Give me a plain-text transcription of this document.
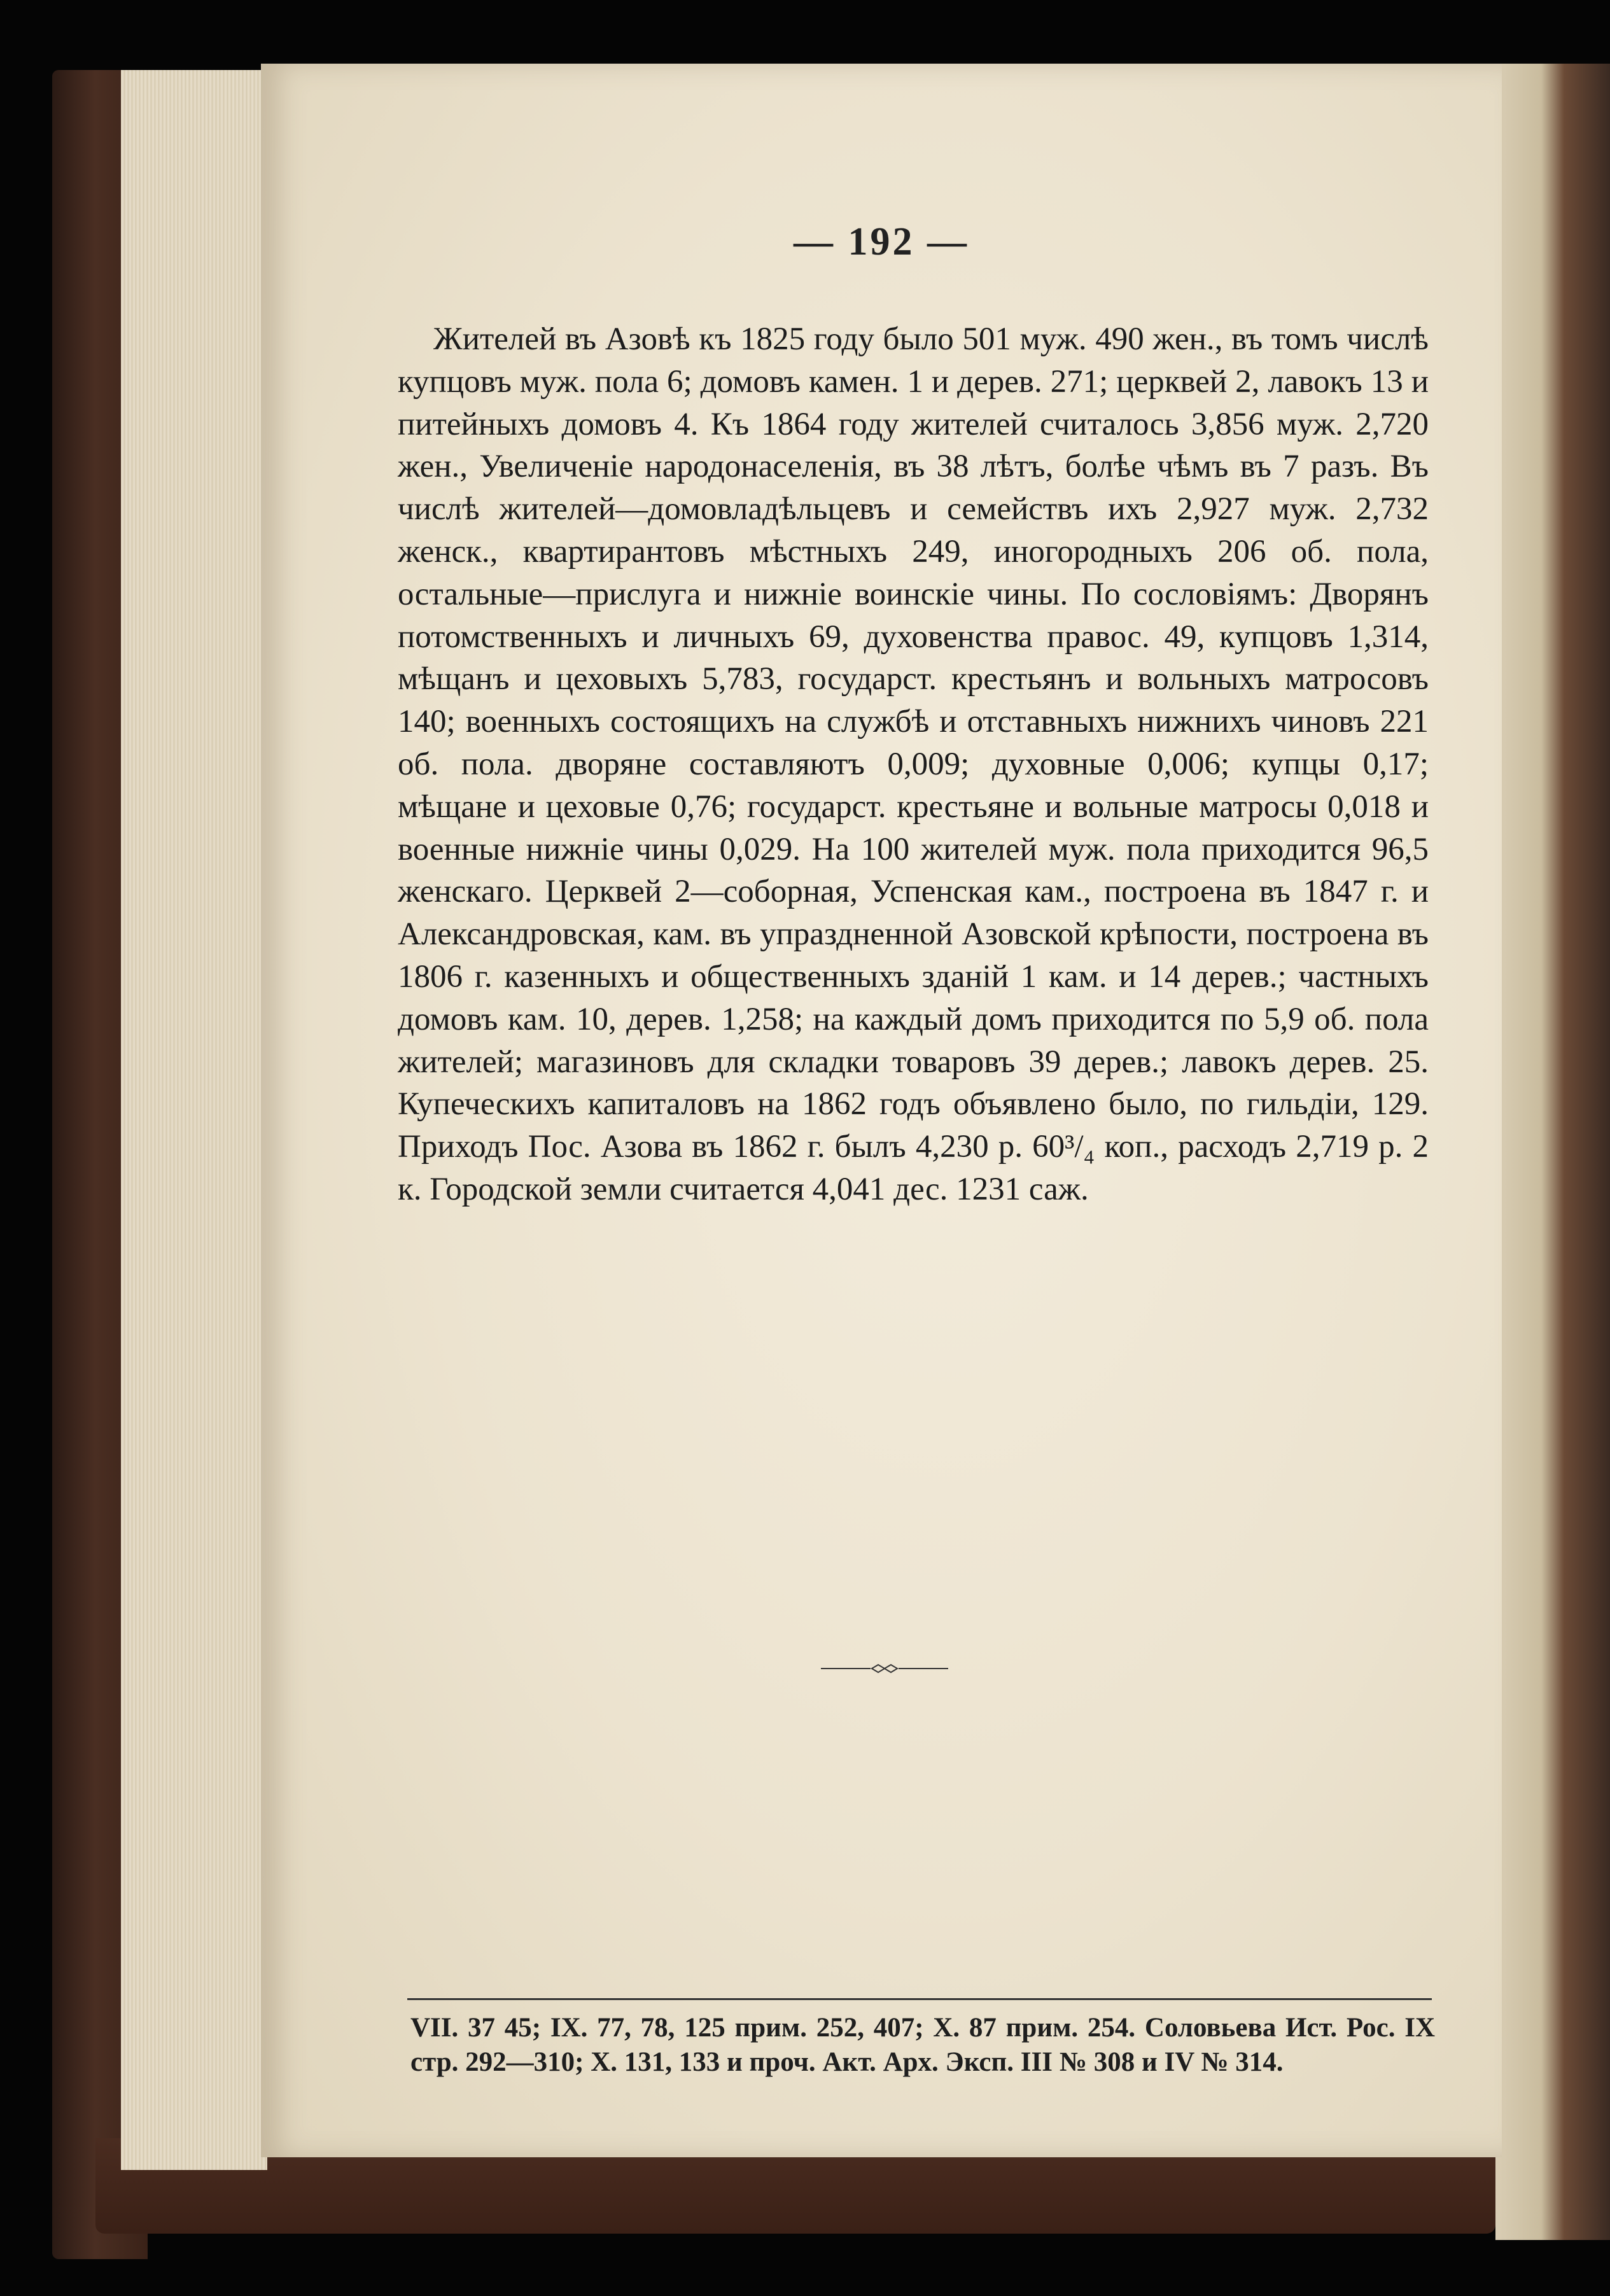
— 192 —

Жителей въ Азовѣ къ 1825 году было 501 муж. 490 жен., въ томъ числѣ купцовъ муж. пола 6; домовъ камен. 1 и дерев. 271; церквей 2, лавокъ 13 и питейныхъ домовъ 4. Къ 1864 году жителей считалось 3,856 муж. 2,720 жен., Увеличеніе народонаселенія, въ 38 лѣтъ, болѣе чѣмъ въ 7 разъ. Въ числѣ жителей—домовладѣльцевъ и семействъ ихъ 2,927 муж. 2,732 женск., квартирантовъ мѣстныхъ 249, иногородныхъ 206 об. пола, остальные—прислуга и нижніе воинскіе чины. По сословіямъ: Дворянъ потомственныхъ и личныхъ 69, духовенства правос. 49, купцовъ 1,314, мѣщанъ и цеховыхъ 5,783, государст. крестьянъ и вольныхъ матросовъ 140; военныхъ состоящихъ на службѣ и отставныхъ нижнихъ чиновъ 221 об. пола. дворяне составляютъ 0,009; духовные 0,006; купцы 0,17; мѣщане и цеховые 0,76; государст. крестьяне и вольные матросы 0,018 и военные нижніе чины 0,029. На 100 жителей муж. пола приходится 96,5 женскаго. Церквей 2—соборная, Успенская кам., построена въ 1847 г. и Александровская, кам. въ упраздненной Азовской крѣпости, построена въ 1806 г. казенныхъ и общественныхъ зданій 1 кам. и 14 дерев.; частныхъ домовъ кам. 10, дерев. 1,258; на каждый домъ приходится по 5,9 об. пола жителей; магазиновъ для складки товаровъ 39 дерев.; лавокъ дерев. 25. Купеческихъ капиталовъ на 1862 годъ объявлено было, по гильдіи, 129. Приходъ Пос. Азова въ 1862 г. былъ 4,230 р. 60³/₄ коп., расходъ 2,719 р. 2 к. Городской земли считается 4,041 дес. 1231 саж.

VII. 37 45; IX. 77, 78, 125 прим. 252, 407; X. 87 прим. 254. Соловьева Ист. Рос. IX стр. 292—310; X. 131, 133 и проч. Акт. Арх. Эксп. III № 308 и IV № 314.
